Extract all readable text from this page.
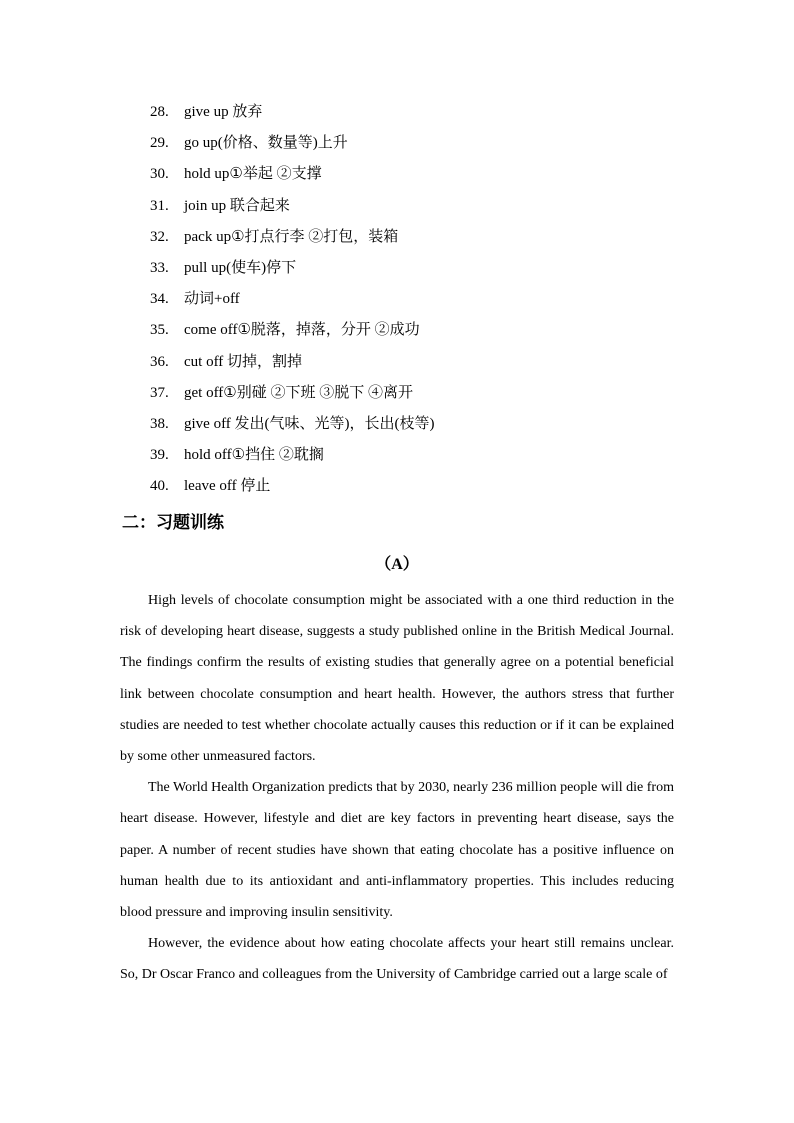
28. give up 放弃
29. go up(价格、数量等)上升
30. hold up①举起 ②支撑
31. join up 联合起来
32. pack up①打点行李 ②打包，装箱
33. pull up(使车)停下
34. 动词+off
35. come off①脱落，掉落，分开 ②成功
36. cut off 切掉，割掉
37. get off①别碰 ②下班 ③脱下 ④离开
38. give off 发出(气味、光等)，长出(枝等)
39. hold off①挡住 ②耽搁
40. leave off 停止
二：习题训练
（A）

High levels of chocolate consumption might be associated with a one third reduction in the risk of developing heart disease, suggests a study published online in the British Medical Journal. The findings confirm the results of existing studies that generally agree on a potential beneficial link between chocolate consumption and heart health. However, the authors stress that further studies are needed to test whether chocolate actually causes this reduction or if it can be explained by some other unmeasured factors.

The World Health Organization predicts that by 2030, nearly 236 million people will die from heart disease. However, lifestyle and diet are key factors in preventing heart disease, says the paper. A number of recent studies have shown that eating chocolate has a positive influence on human health due to its antioxidant and anti-inflammatory properties. This includes reducing blood pressure and improving insulin sensitivity.

However, the evidence about how eating chocolate affects your heart still remains unclear. So, Dr Oscar Franco and colleagues from the University of Cambridge carried out a large scale of
